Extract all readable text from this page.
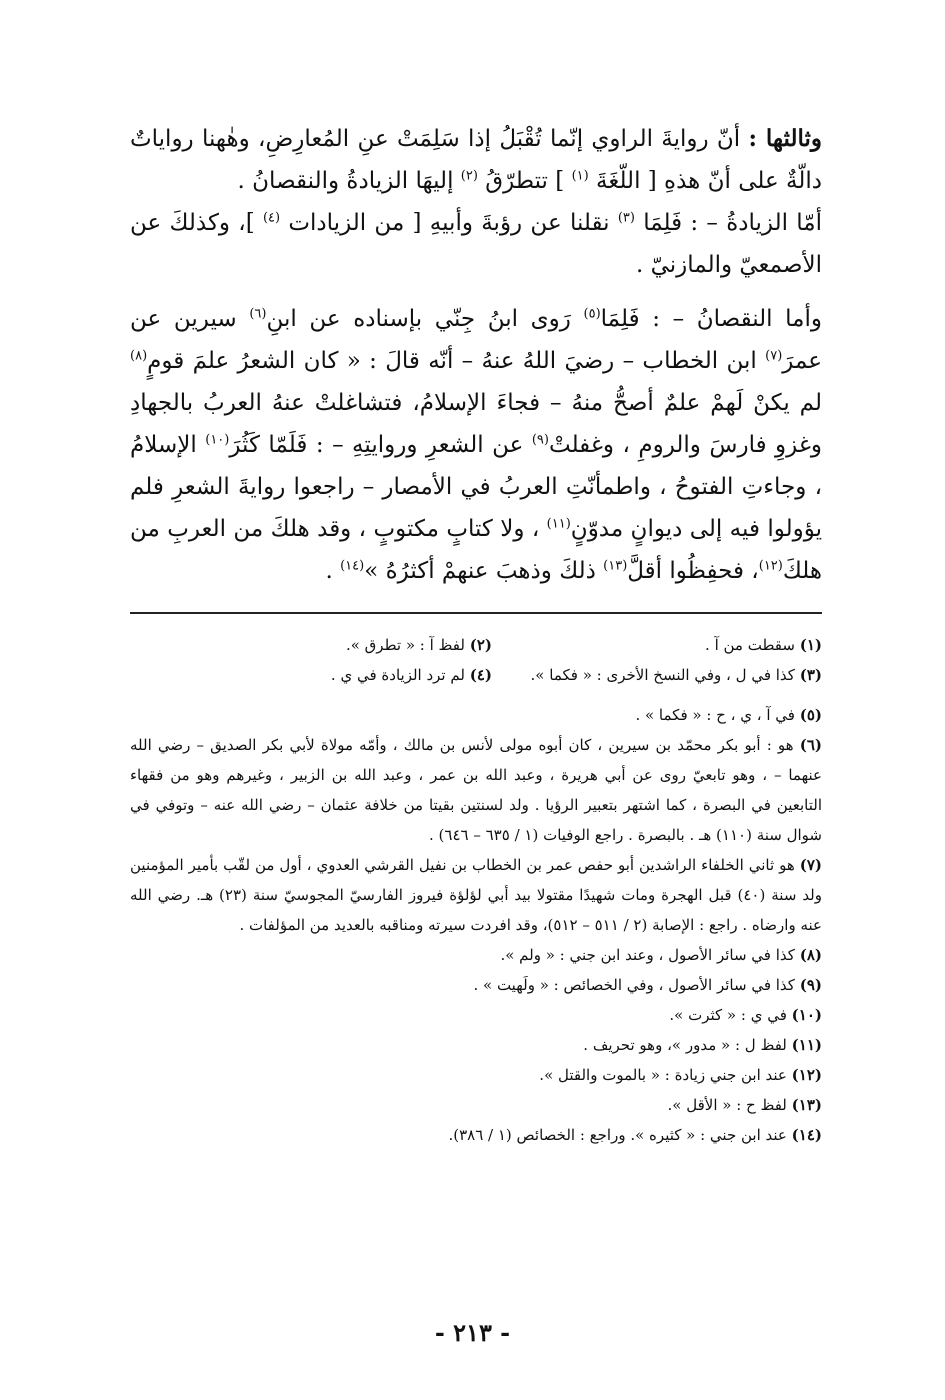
وثالثها : أنّ روايةَ الراوي إنّما تُقْبَلُ إذا سَلِمَتْ عنِ المُعارِضِ، وهٰهنا رواياتٌ دالّةٌ على أنّ هذهِ [ اللّغَةَ $^{(١)}$ ] تتطرّقُ $^{(٢)}$ إليهَا الزيادةُ والنقصانُ .

أمّا الزيادةُ – : فَلِمَا $^{(٣)}$ نقلنا عن رؤبةَ وأبيهِ [ من الزيادات $^{(٤)}$ ]، وكذلكَ عن الأصمعيّ والمازنيّ .

وأما النقصانُ – : فَلِمَا$^{(٥)}$ رَوى ابنُ جِنّي بإسناده عن ابنِ$^{(٦)}$ سيرين عن عمرَ$^{(٧)}$ ابن الخطاب – رضيَ اللهُ عنهُ – أنّه قالَ : « كان الشعرُ علمَ قومٍ$^{(٨)}$ لم يكنْ لَهمْ علمٌ أصحُّ منهُ – فجاءَ الإسلامُ، فتشاغلتْ عنهُ العربُ بالجهادِ وغزوِ فارسَ والرومِ ، وغفلتْ$^{(٩)}$ عن الشعرِ وروايتِهِ – : فَلَمّا كَثُرَ$^{(١٠)}$ الإسلامُ ، وجاءتِ الفتوحُ ، واطمأنّتِ العربُ في الأمصار – راجعوا روايةَ الشعرِ فلم يؤولوا فيه إلى ديوانٍ مدوّنٍ$^{(١١)}$ ، ولا كتابٍ مكتوبٍ ، وقد هلكَ من العربِ من هلكَ$^{(١٢)}$، فحفِظُوا أقلَّ$^{(١٣)}$ ذلكَ وذهبَ عنهمْ أكثرُهُ »$^{(١٤)}$ .

(١) سقطت من آ .

(٢) لفظ آ : « تطرق ».

(٣) كذا في ل ، وفي النسخ الأخرى : « فكما ».

(٤) لم ترد الزيادة في ي .

(٥) في آ ، ي ، ح : « فكما » .

(٦) هو : أبو بكر محمّد بن سيرين ، كان أبوه مولى لأنس بن مالك ، وأمّه مولاة لأبي بكر الصديق – رضي الله عنهما – ، وهو تابعيّ روى عن أبي هريرة ، وعبد الله بن عمر ، وعبد الله بن الزبير ، وغيرهم وهو من فقهاء التابعين في البصرة ، كما اشتهر بتعبير الرؤيا . ولد لسنتين بقيتا من خلافة عثمان – رضي الله عنه – وتوفي في شوال سنة (١١٠) هـ . بالبصرة . راجع الوفيات (١ / ٦٣٥ – ٦٤٦) .

(٧) هو ثاني الخلفاء الراشدين أبو حفص عمر بن الخطاب بن نفيل القرشي العدوي ، أول من لقّب بأمير المؤمنين ولد سنة (٤٠) قبل الهجرة ومات شهيدًا مقتولا بيد أبي لؤلؤة فيروز الفارسيّ المجوسيّ سنة (٢٣) هـ. رضي الله عنه وارضاه . راجع : الإصابة (٢ / ٥١١ – ٥١٢)، وقد افردت سيرته ومناقبه بالعديد من المؤلفات .

(٨) كذا في سائر الأصول ، وعند ابن جني : « ولم ».

(٩) كذا في سائر الأصول ، وفي الخصائص : « ولَهيت » .

(١٠) في ي : « كثرت ».

(١١) لفظ ل : « مدور »، وهو تحريف .

(١٢) عند ابن جني زيادة : « بالموت والقتل ».

(١٣) لفظ ح : « الأقل ».

(١٤) عند ابن جني : « كثيره ». وراجع : الخصائص (١ / ٣٨٦).

- ٢١٣ -
